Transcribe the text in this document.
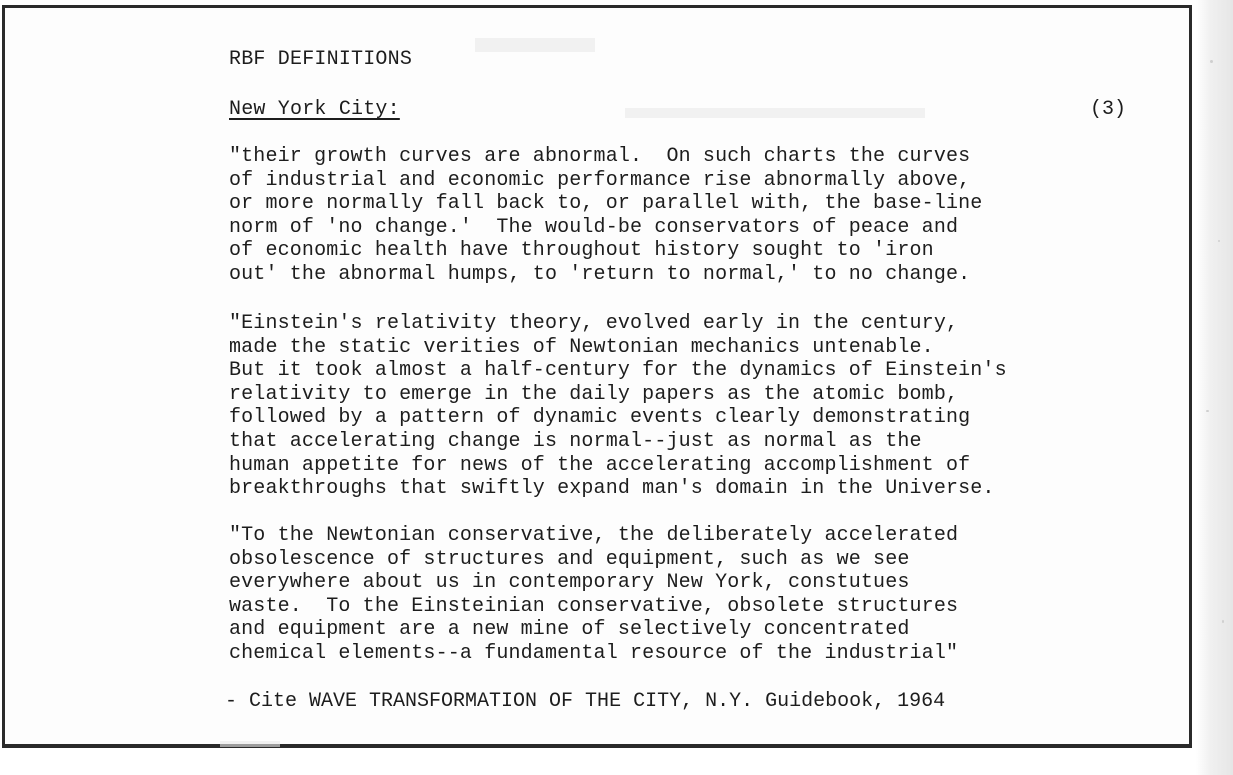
RBF DEFINITIONS
New York City:	(3)
"their growth curves are abnormal.  On such charts the curves
of industrial and economic performance rise abnormally above,
or more normally fall back to, or parallel with, the base-line
norm of 'no change.'  The would-be conservators of peace and
of economic health have throughout history sought to 'iron
out' the abnormal humps, to 'return to normal,' to no change.
"Einstein's relativity theory, evolved early in the century,
made the static verities of Newtonian mechanics untenable.
But it took almost a half-century for the dynamics of Einstein's
relativity to emerge in the daily papers as the atomic bomb,
followed by a pattern of dynamic events clearly demonstrating
that accelerating change is normal--just as normal as the
human appetite for news of the accelerating accomplishment of
breakthroughs that swiftly expand man's domain in the Universe.
"To the Newtonian conservative, the deliberately accelerated
obsolescence of structures and equipment, such as we see
everywhere about us in contemporary New York, constutues
waste.  To the Einsteinian conservative, obsolete structures
and equipment are a new mine of selectively concentrated
chemical elements--a fundamental resource of the industrial"
- Cite WAVE TRANSFORMATION OF THE CITY, N.Y. Guidebook, 1964
